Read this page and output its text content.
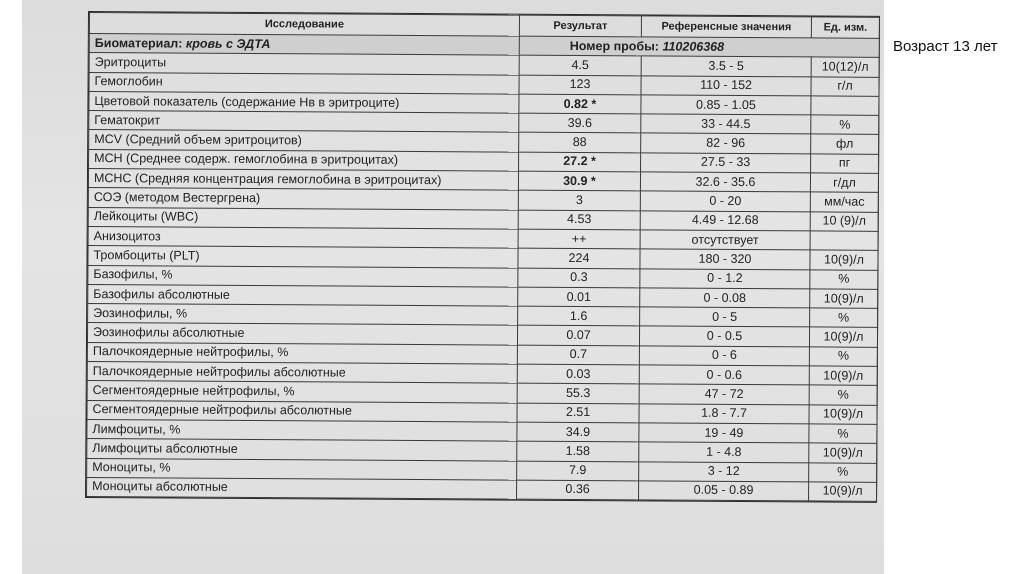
Исследование	Результат	Референсные значения	Ед. изм.
Биоматериал: кровь с ЭДТА	Номер пробы: 110206368		
Эритроциты	4.5	3.5 - 5	10(12)/л
Гемоглобин	123	110 - 152	г/л
Цветовой показатель (содержание Нв в эритроците)	0.82 *	0.85 - 1.05	
Гематокрит	39.6	33 - 44.5	%
MCV (Средний объем эритроцитов)	88	82 - 96	фл
MCH (Среднее содерж. гемоглобина в эритроцитах)	27.2 *	27.5 - 33	пг
MCHC (Средняя концентрация гемоглобина в эритроцитах)	30.9 *	32.6 - 35.6	г/дл
СОЭ (методом Вестергрена)	3	0 - 20	мм/час
Лейкоциты (WBC)	4.53	4.49 - 12.68	10 (9)/л
Анизоцитоз	++	отсутствует	
Тромбоциты (PLT)	224	180 - 320	10(9)/л
Базофилы, %	0.3	0 - 1.2	%
Базофилы абсолютные	0.01	0 - 0.08	10(9)/л
Эозинофилы, %	1.6	0 - 5	%
Эозинофилы абсолютные	0.07	0 - 0.5	10(9)/л
Палочкоядерные нейтрофилы, %	0.7	0 - 6	%
Палочкоядерные нейтрофилы абсолютные	0.03	0 - 0.6	10(9)/л
Сегментоядерные нейтрофилы, %	55.3	47 - 72	%
Сегментоядерные нейтрофилы абсолютные	2.51	1.8 - 7.7	10(9)/л
Лимфоциты, %	34.9	19 - 49	%
Лимфоциты абсолютные	1.58	1 - 4.8	10(9)/л
Моноциты, %	7.9	3 - 12	%
Моноциты абсолютные	0.36	0.05 - 0.89	10(9)/л
Возраст 13 лет
